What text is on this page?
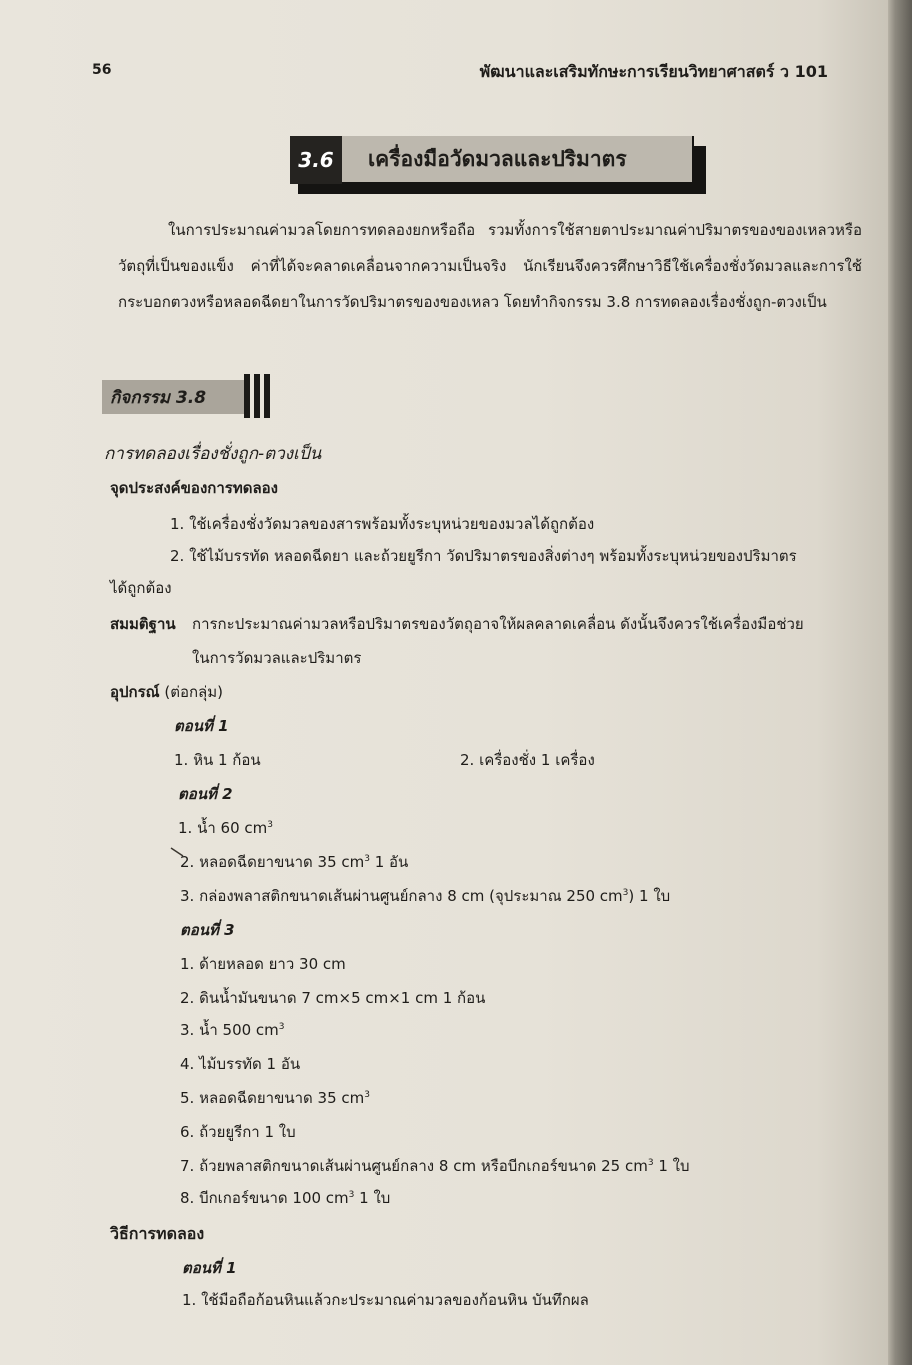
56	พัฒนาและเสริมทักษะการเรียนวิทยาศาสตร์ ว 101
3.6	เครื่องมือวัดมวลและปริมาตร

ในการประมาณค่ามวลโดยการทดลองยกหรือถือ รวมทั้งการใช้สายตาประมาณค่าปริมาตรของของเหลวหรือวัตถุที่เป็นของแข็ง ค่าที่ได้จะคลาดเคลื่อนจากความเป็นจริง นักเรียนจึงควรศึกษาวิธีใช้เครื่องชั่งวัดมวลและการใช้กระบอกตวงหรือหลอดฉีดยาในการวัดปริมาตรของของเหลว โดยทำกิจกรรม 3.8 การทดลองเรื่องชั่งถูก-ตวงเป็น

กิจกรรม 3.8
การทดลองเรื่องชั่งถูก-ตวงเป็น
จุดประสงค์ของการทดลอง
1. ใช้เครื่องชั่งวัดมวลของสารพร้อมทั้งระบุหน่วยของมวลได้ถูกต้อง
2. ใช้ไม้บรรทัด หลอดฉีดยา และถ้วยยูรีกา วัดปริมาตรของสิ่งต่างๆ พร้อมทั้งระบุหน่วยของปริมาตร
ได้ถูกต้อง
สมมติฐาน การกะประมาณค่ามวลหรือปริมาตรของวัตถุอาจให้ผลคลาดเคลื่อน ดังนั้นจึงควรใช้เครื่องมือช่วย
ในการวัดมวลและปริมาตร
อุปกรณ์ (ต่อกลุ่ม)
ตอนที่ 1
1. หิน 1 ก้อน	2. เครื่องชั่ง 1 เครื่อง
ตอนที่ 2
1. น้ำ 60 $cm^3$
2. หลอดฉีดยาขนาด 35 $cm^3$ 1 อัน
3. กล่องพลาสติกขนาดเส้นผ่านศูนย์กลาง 8 cm (จุประมาณ 250 $cm^3$) 1 ใบ
ตอนที่ 3
1. ด้ายหลอด ยาว 30 cm
2. ดินน้ำมันขนาด 7 cm×5 cm×1 cm 1 ก้อน
3. น้ำ 500 $cm^3$
4. ไม้บรรทัด 1 อัน
5. หลอดฉีดยาขนาด 35 $cm^3$
6. ถ้วยยูรีกา 1 ใบ
7. ถ้วยพลาสติกขนาดเส้นผ่านศูนย์กลาง 8 cm หรือบีกเกอร์ขนาด 25 $cm^3$ 1 ใบ
8. บีกเกอร์ขนาด 100 $cm^3$ 1 ใบ
วิธีการทดลอง
ตอนที่ 1
1. ใช้มือถือก้อนหินแล้วกะประมาณค่ามวลของก้อนหิน บันทึกผล
